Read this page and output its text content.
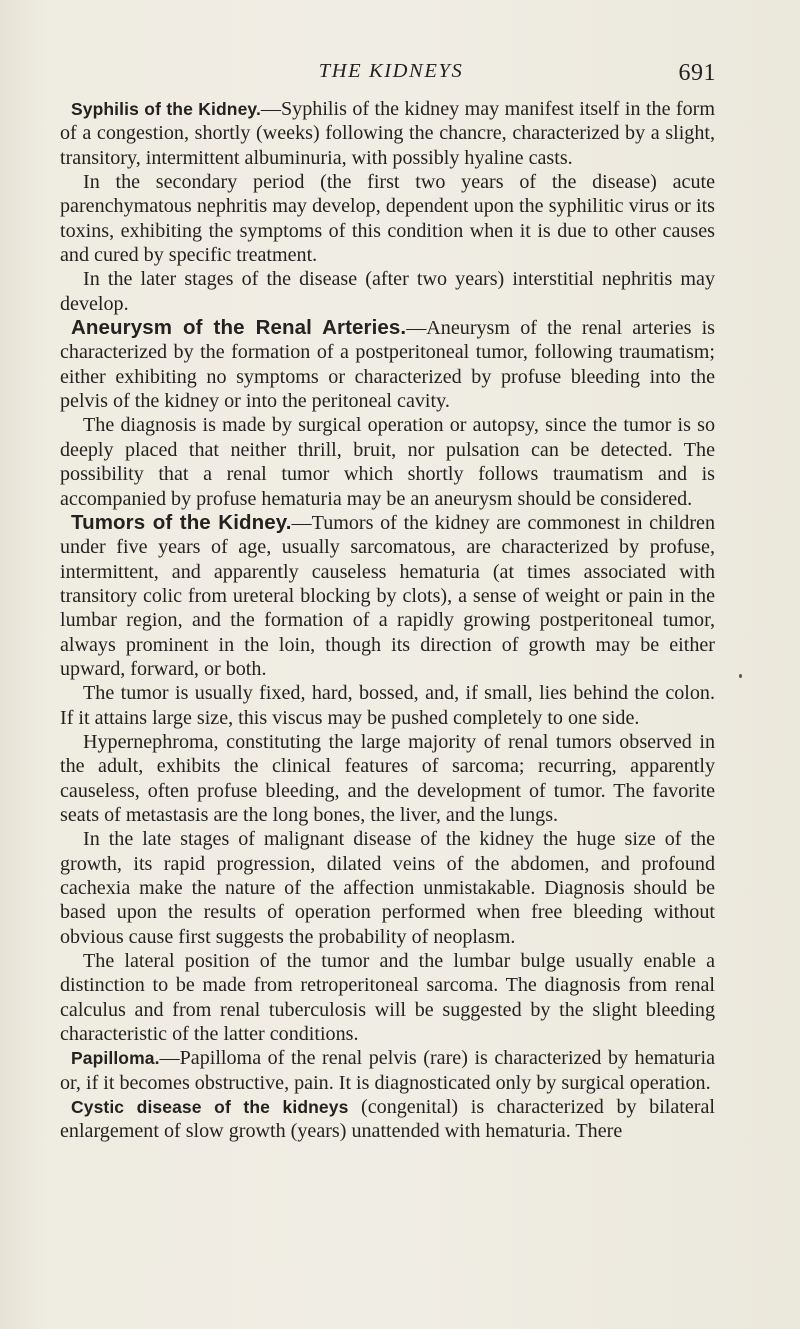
THE KIDNEYS	691

Syphilis of the Kidney.—Syphilis of the kidney may manifest itself in the form of a congestion, shortly (weeks) following the chancre, characterized by a slight, transitory, intermittent albuminuria, with possibly hyaline casts.

In the secondary period (the first two years of the disease) acute parenchymatous nephritis may develop, dependent upon the syphilitic virus or its toxins, exhibiting the symptoms of this condition when it is due to other causes and cured by specific treatment.

In the later stages of the disease (after two years) interstitial nephritis may develop.

Aneurysm of the Renal Arteries.—Aneurysm of the renal arteries is characterized by the formation of a postperitoneal tumor, following traumatism; either exhibiting no symptoms or characterized by profuse bleeding into the pelvis of the kidney or into the peritoneal cavity.

The diagnosis is made by surgical operation or autopsy, since the tumor is so deeply placed that neither thrill, bruit, nor pulsation can be detected. The possibility that a renal tumor which shortly follows traumatism and is accompanied by profuse hematuria may be an aneurysm should be considered.

Tumors of the Kidney.—Tumors of the kidney are commonest in children under five years of age, usually sarcomatous, are characterized by profuse, intermittent, and apparently causeless hematuria (at times associated with transitory colic from ureteral blocking by clots), a sense of weight or pain in the lumbar region, and the formation of a rapidly growing postperitoneal tumor, always prominent in the loin, though its direction of growth may be either upward, forward, or both.

The tumor is usually fixed, hard, bossed, and, if small, lies behind the colon. If it attains large size, this viscus may be pushed completely to one side.

Hypernephroma, constituting the large majority of renal tumors observed in the adult, exhibits the clinical features of sarcoma; recurring, apparently causeless, often profuse bleeding, and the development of tumor. The favorite seats of metastasis are the long bones, the liver, and the lungs.

In the late stages of malignant disease of the kidney the huge size of the growth, its rapid progression, dilated veins of the abdomen, and profound cachexia make the nature of the affection unmistakable. Diagnosis should be based upon the results of operation performed when free bleeding without obvious cause first suggests the probability of neoplasm.

The lateral position of the tumor and the lumbar bulge usually enable a distinction to be made from retroperitoneal sarcoma. The diagnosis from renal calculus and from renal tuberculosis will be suggested by the slight bleeding characteristic of the latter conditions.

Papilloma.—Papilloma of the renal pelvis (rare) is characterized by hematuria or, if it becomes obstructive, pain. It is diagnosticated only by surgical operation.

Cystic disease of the kidneys (congenital) is characterized by bilateral enlargement of slow growth (years) unattended with hematuria. There
